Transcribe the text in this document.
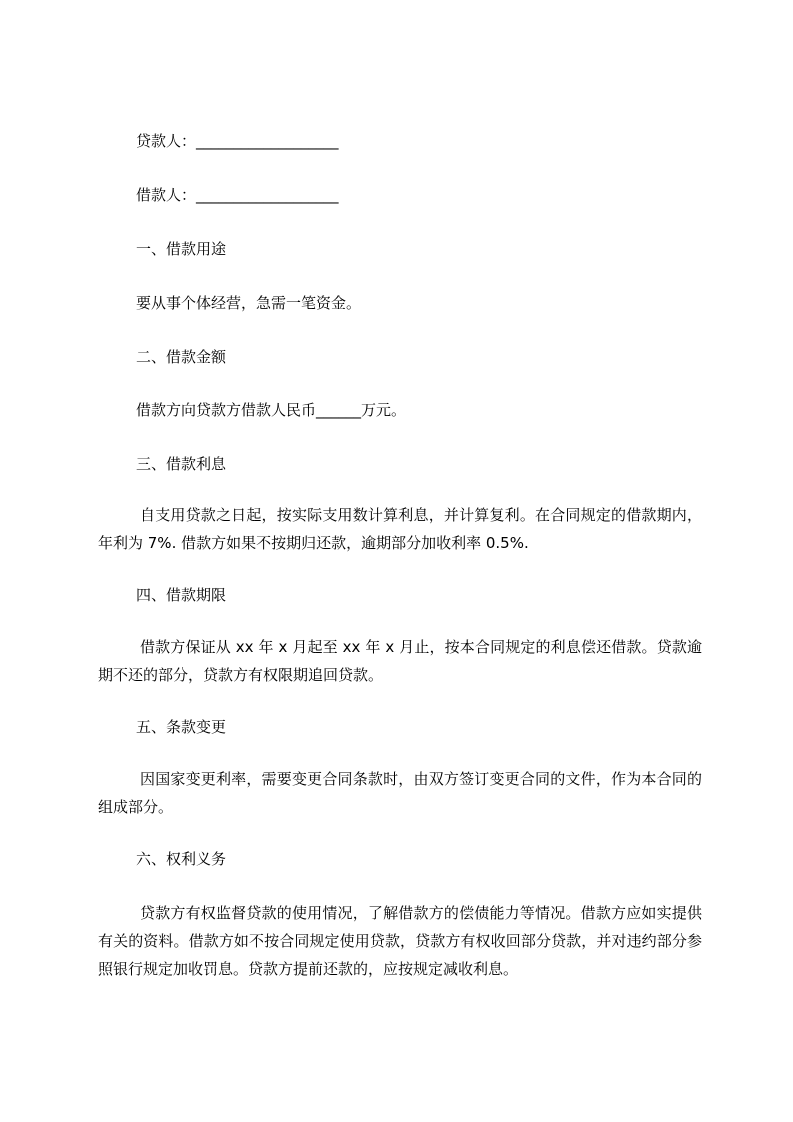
贷款人：___________________
借款人：___________________
一、借款用途
要从事个体经营，急需一笔资金。
二、借款金额
借款方向贷款方借款人民币______万元。
三、借款利息
自支用贷款之日起，按实际支用数计算利息，并计算复利。在合同规定的借款期内，年利为 7%. 借款方如果不按期归还款，逾期部分加收利率 0.5%.
四、借款期限
借款方保证从 xx 年 x 月起至 xx 年 x 月止，按本合同规定的利息偿还借款。贷款逾期不还的部分，贷款方有权限期追回贷款。
五、条款变更
因国家变更利率，需要变更合同条款时，由双方签订变更合同的文件，作为本合同的组成部分。
六、权利义务
贷款方有权监督贷款的使用情况，了解借款方的偿债能力等情况。借款方应如实提供有关的资料。借款方如不按合同规定使用贷款，贷款方有权收回部分贷款，并对违约部分参照银行规定加收罚息。贷款方提前还款的，应按规定减收利息。
